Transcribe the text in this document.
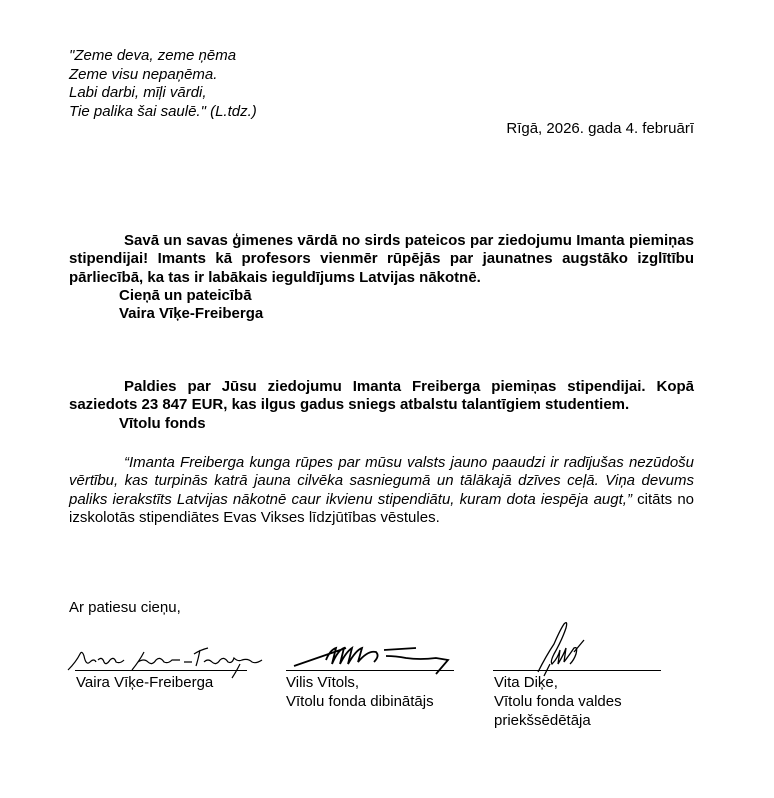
"Zeme deva, zeme ņēma
Zeme visu nepaņēma.
Labi darbi, mīļi vārdi,
Tie palika šai saulē." (L.tdz.)
Rīgā, 2026. gada 4. februārī
Savā un savas ģimenes vārdā no sirds pateicos par ziedojumu Imanta piemiņas stipendijai! Imants kā profesors vienmēr rūpējās par jaunatnes augstāko izglītību pārliecībā, ka tas ir labākais ieguldījums Latvijas nākotnē.
Cieņā un pateicībā
Vaira Vīķe-Freiberga
Paldies par Jūsu ziedojumu Imanta Freiberga piemiņas stipendijai. Kopā saziedots 23 847 EUR, kas ilgus gadus sniegs atbalstu talantīgiem studentiem.
Vītolu fonds
“Imanta Freiberga kunga rūpes par mūsu valsts jauno paaudzi ir radījušas nezūdošu vērtību, kas turpinās katrā jauna cilvēka sasniegumā un tālākajā dzīves ceļā. Viņa devums paliks ierakstīts Latvijas nākotnē caur ikvienu stipendiātu, kuram dota iespēja augt,” citāts no izskolotās stipendiātes Evas Vikses līdzjūtības vēstules.
Ar patiesu cieņu,
Vaira Vīķe-Freiberga	Vilis Vītols,
Vītolu fonda dibinātājs
Vita Diķe,
Vītolu fonda valdes
priekšsēdētāja
